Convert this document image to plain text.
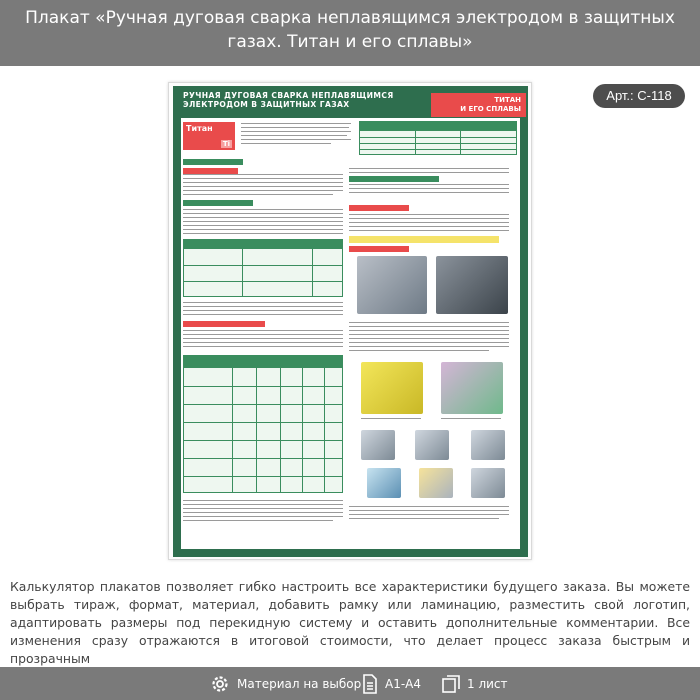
Плакат «Ручная дуговая сварка неплавящимся электродом в защитных газах. Титан и его сплавы»
РУЧНАЯ ДУГОВАЯ СВАРКА НЕПЛАВЯЩИМСЯ
ЭЛЕКТРОДОМ В ЗАЩИТНЫХ ГАЗАХ	ТИТАН
И ЕГО СПЛАВЫ
Титан
Ti
Арт.: С-118
Калькулятор плакатов позволяет гибко настроить все характеристики будущего заказа. Вы можете выбрать тираж, формат, материал, добавить рамку или ламинацию, разместить свой логотип, адаптировать размеры под перекидную систему и оставить дополнительные комментарии. Все изменения сразу отражаются в итоговой стоимости, что делает процесс заказа быстрым и прозрачным
Материал на выбор А1-А4	1 лист
